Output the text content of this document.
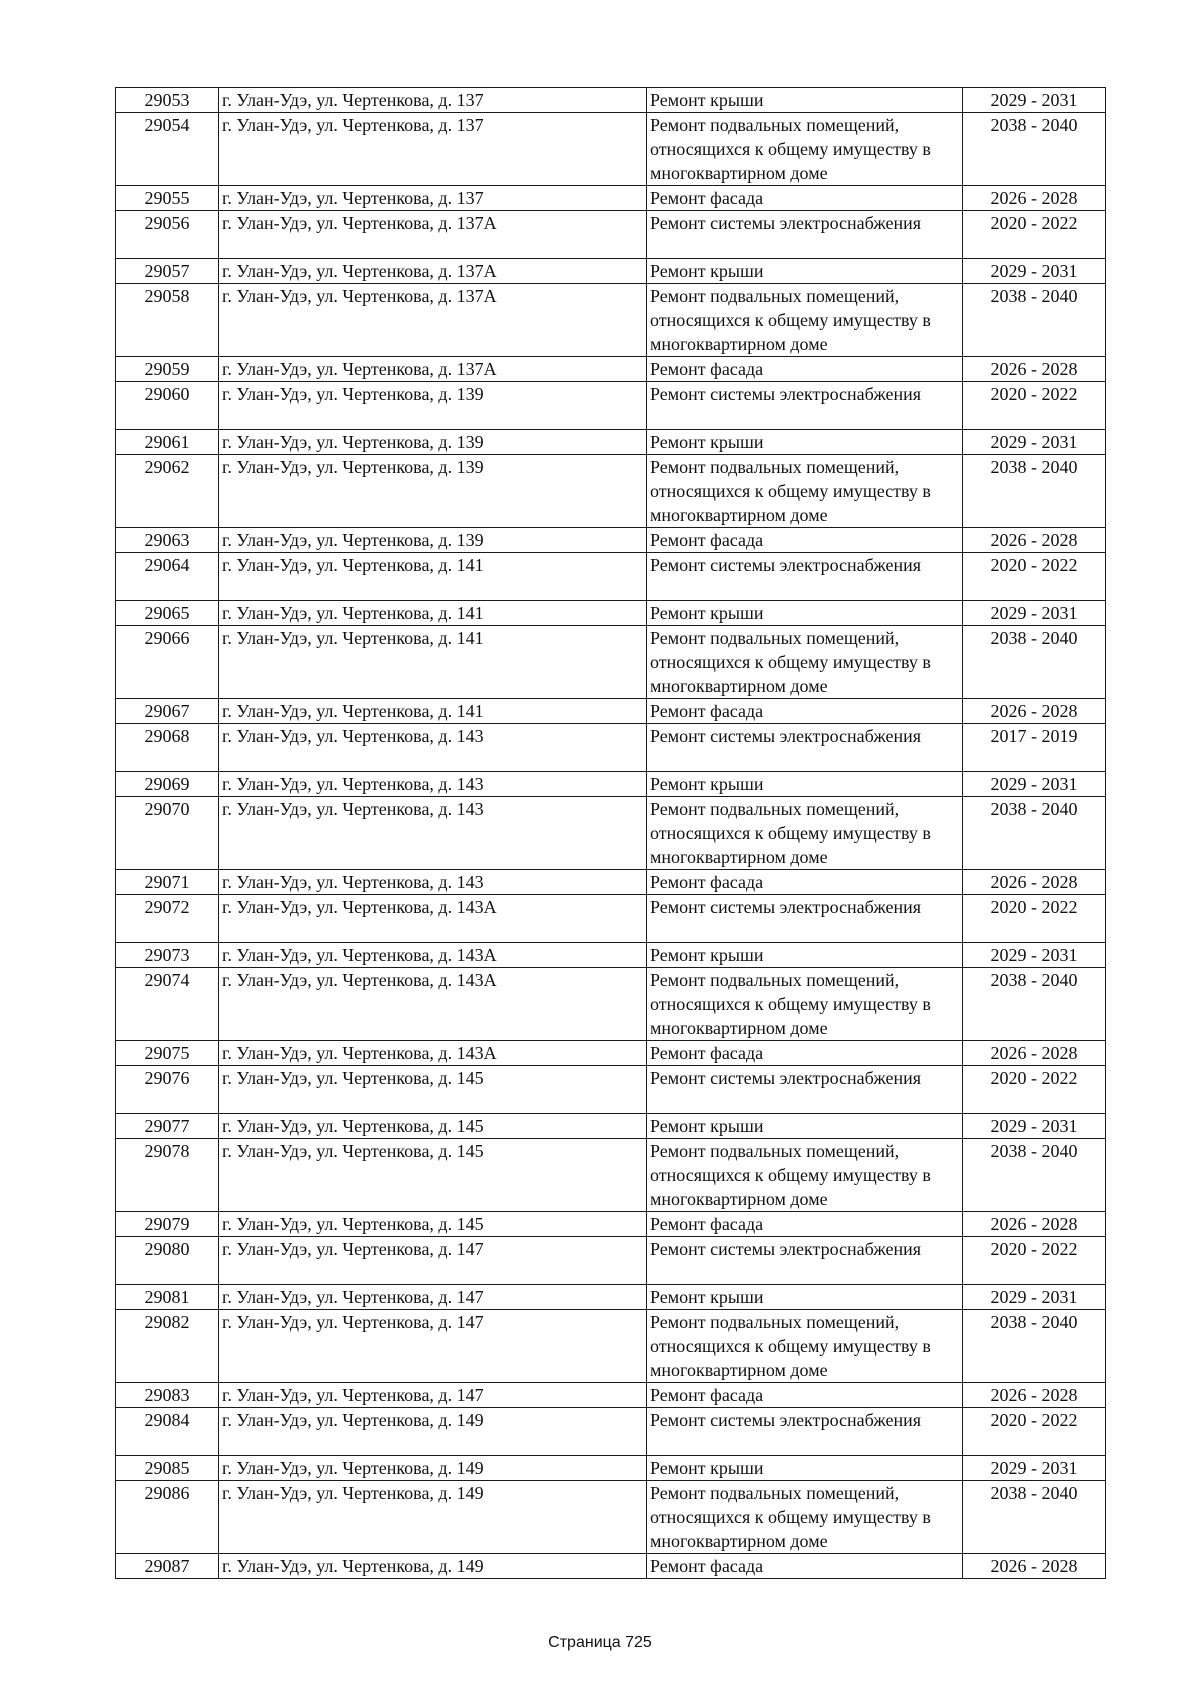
29053	г. Улан-Удэ, ул. Чертенкова, д. 137	Ремонт крыши	2029 - 2031
29054	г. Улан-Удэ, ул. Чертенкова, д. 137	Ремонт подвальных помещений, относящихся к общему имуществу в многоквартирном доме	2038 - 2040
29055	г. Улан-Удэ, ул. Чертенкова, д. 137	Ремонт фасада	2026 - 2028
29056	г. Улан-Удэ, ул. Чертенкова, д. 137А	Ремонт системы электроснабжения	2020 - 2022
29057	г. Улан-Удэ, ул. Чертенкова, д. 137А	Ремонт крыши	2029 - 2031
29058	г. Улан-Удэ, ул. Чертенкова, д. 137А	Ремонт подвальных помещений, относящихся к общему имуществу в многоквартирном доме	2038 - 2040
29059	г. Улан-Удэ, ул. Чертенкова, д. 137А	Ремонт фасада	2026 - 2028
29060	г. Улан-Удэ, ул. Чертенкова, д. 139	Ремонт системы электроснабжения	2020 - 2022
29061	г. Улан-Удэ, ул. Чертенкова, д. 139	Ремонт крыши	2029 - 2031
29062	г. Улан-Удэ, ул. Чертенкова, д. 139	Ремонт подвальных помещений, относящихся к общему имуществу в многоквартирном доме	2038 - 2040
29063	г. Улан-Удэ, ул. Чертенкова, д. 139	Ремонт фасада	2026 - 2028
29064	г. Улан-Удэ, ул. Чертенкова, д. 141	Ремонт системы электроснабжения	2020 - 2022
29065	г. Улан-Удэ, ул. Чертенкова, д. 141	Ремонт крыши	2029 - 2031
29066	г. Улан-Удэ, ул. Чертенкова, д. 141	Ремонт подвальных помещений, относящихся к общему имуществу в многоквартирном доме	2038 - 2040
29067	г. Улан-Удэ, ул. Чертенкова, д. 141	Ремонт фасада	2026 - 2028
29068	г. Улан-Удэ, ул. Чертенкова, д. 143	Ремонт системы электроснабжения	2017 - 2019
29069	г. Улан-Удэ, ул. Чертенкова, д. 143	Ремонт крыши	2029 - 2031
29070	г. Улан-Удэ, ул. Чертенкова, д. 143	Ремонт подвальных помещений, относящихся к общему имуществу в многоквартирном доме	2038 - 2040
29071	г. Улан-Удэ, ул. Чертенкова, д. 143	Ремонт фасада	2026 - 2028
29072	г. Улан-Удэ, ул. Чертенкова, д. 143А	Ремонт системы электроснабжения	2020 - 2022
29073	г. Улан-Удэ, ул. Чертенкова, д. 143А	Ремонт крыши	2029 - 2031
29074	г. Улан-Удэ, ул. Чертенкова, д. 143А	Ремонт подвальных помещений, относящихся к общему имуществу в многоквартирном доме	2038 - 2040
29075	г. Улан-Удэ, ул. Чертенкова, д. 143А	Ремонт фасада	2026 - 2028
29076	г. Улан-Удэ, ул. Чертенкова, д. 145	Ремонт системы электроснабжения	2020 - 2022
29077	г. Улан-Удэ, ул. Чертенкова, д. 145	Ремонт крыши	2029 - 2031
29078	г. Улан-Удэ, ул. Чертенкова, д. 145	Ремонт подвальных помещений, относящихся к общему имуществу в многоквартирном доме	2038 - 2040
29079	г. Улан-Удэ, ул. Чертенкова, д. 145	Ремонт фасада	2026 - 2028
29080	г. Улан-Удэ, ул. Чертенкова, д. 147	Ремонт системы электроснабжения	2020 - 2022
29081	г. Улан-Удэ, ул. Чертенкова, д. 147	Ремонт крыши	2029 - 2031
29082	г. Улан-Удэ, ул. Чертенкова, д. 147	Ремонт подвальных помещений, относящихся к общему имуществу в многоквартирном доме	2038 - 2040
29083	г. Улан-Удэ, ул. Чертенкова, д. 147	Ремонт фасада	2026 - 2028
29084	г. Улан-Удэ, ул. Чертенкова, д. 149	Ремонт системы электроснабжения	2020 - 2022
29085	г. Улан-Удэ, ул. Чертенкова, д. 149	Ремонт крыши	2029 - 2031
29086	г. Улан-Удэ, ул. Чертенкова, д. 149	Ремонт подвальных помещений, относящихся к общему имуществу в многоквартирном доме	2038 - 2040
29087	г. Улан-Удэ, ул. Чертенкова, д. 149	Ремонт фасада	2026 - 2028
Страница 725
